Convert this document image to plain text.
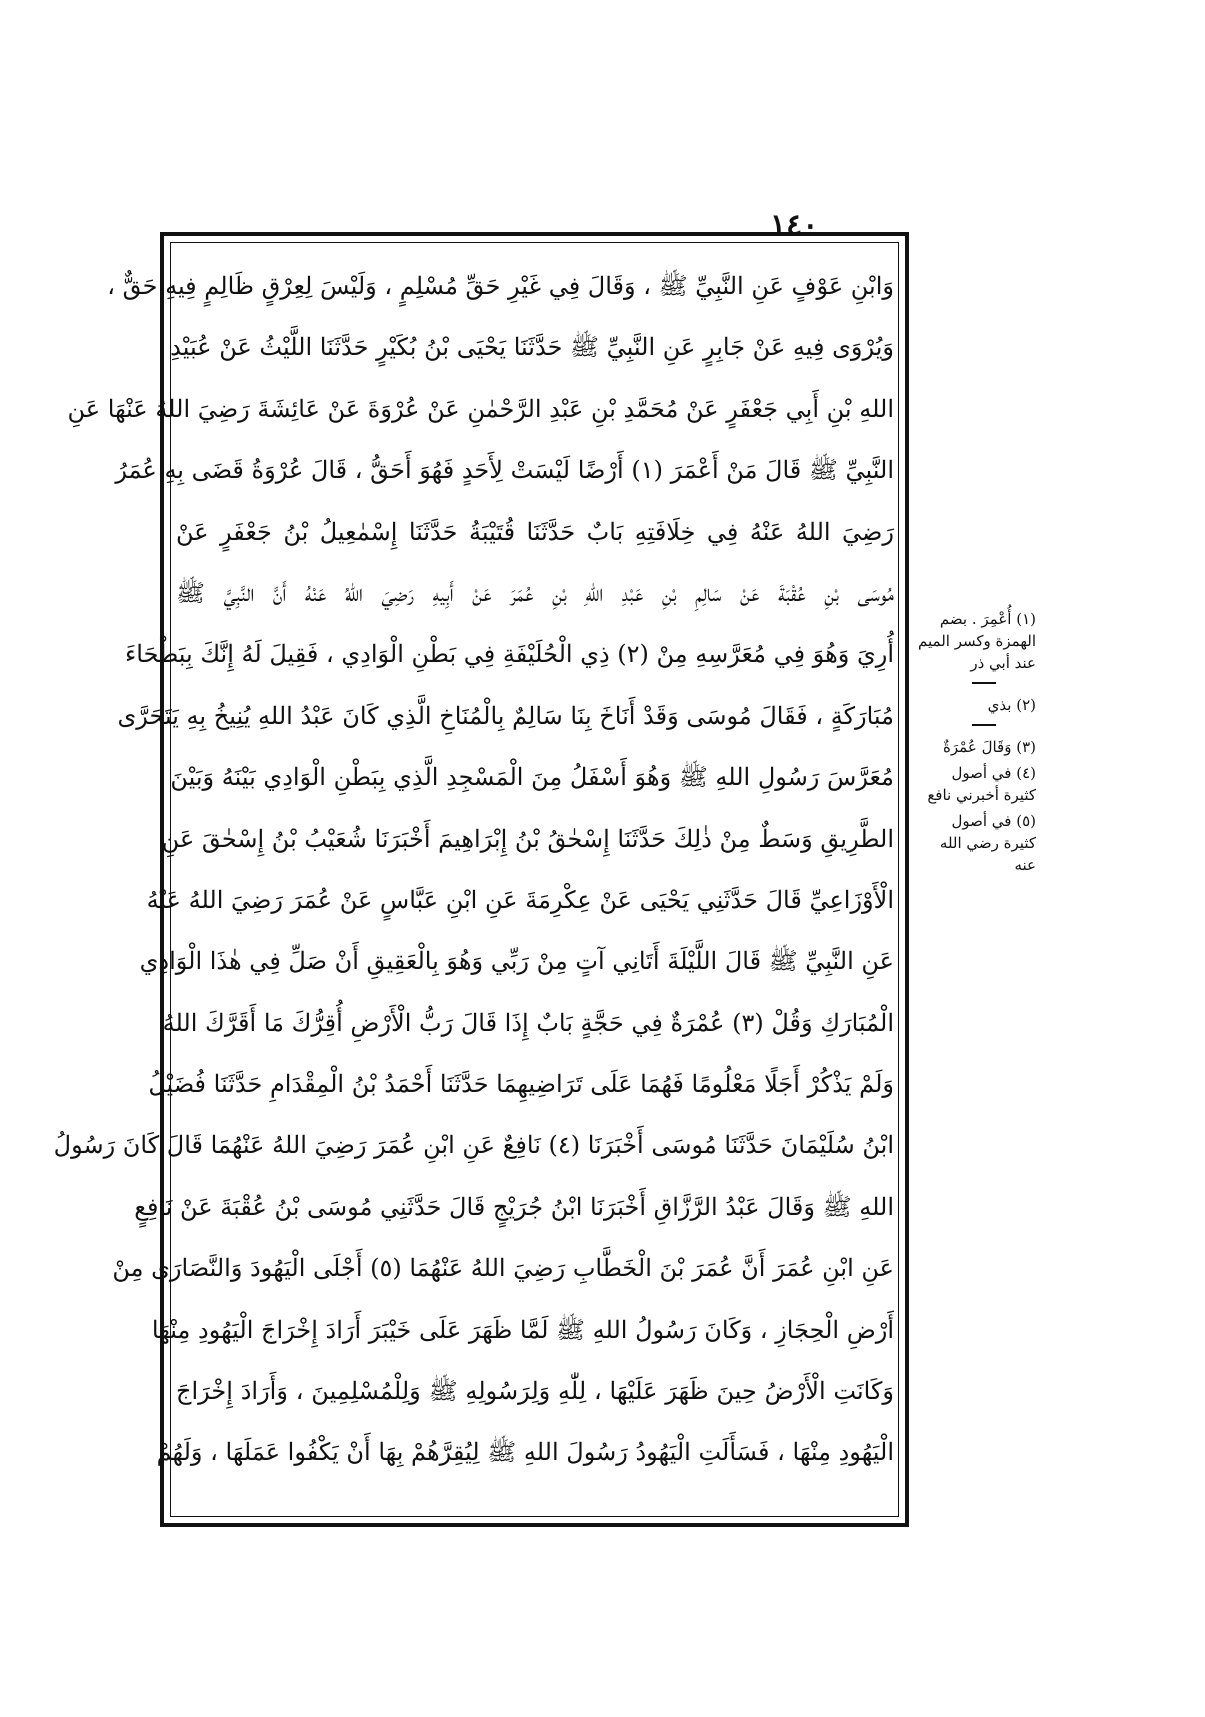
١٤٠
وَابْنِ عَوْفٍ عَنِ النَّبِيِّ ﷺ ، وَقَالَ فِي غَيْرِ حَقِّ مُسْلِمٍ ، وَلَيْسَ لِعِرْقٍ ظَالِمٍ فِيهِ حَقٌّ ،
وَيُرْوَى فِيهِ عَنْ جَابِرٍ عَنِ النَّبِيِّ ﷺ حَدَّثَنَا يَحْيَى بْنُ بُكَيْرٍ حَدَّثَنَا اللَّيْثُ عَنْ عُبَيْدِ
اللهِ بْنِ أَبِي جَعْفَرٍ عَنْ مُحَمَّدِ بْنِ عَبْدِ الرَّحْمٰنِ عَنْ عُرْوَةَ عَنْ عَائِشَةَ رَضِيَ اللهُ عَنْهَا عَنِ
النَّبِيِّ ﷺ قَالَ مَنْ أَعْمَرَ (١) أَرْضًا لَيْسَتْ لِأَحَدٍ فَهُوَ أَحَقُّ ، قَالَ عُرْوَةُ قَضَى بِهِ عُمَرُ
رَضِيَ اللهُ عَنْهُ فِي خِلَافَتِهِ بَابٌ حَدَّثَنَا قُتَيْبَةُ حَدَّثَنَا إِسْمٰعِيلُ بْنُ جَعْفَرٍ عَنْ
مُوسَى بْنِ عُقْبَةَ عَنْ سَالِمِ بْنِ عَبْدِ اللهِ بْنِ عُمَرَ عَنْ أَبِيهِ رَضِيَ اللهُ عَنْهُ أَنَّ النَّبِيَّ ﷺ
أُرِيَ وَهُوَ فِي مُعَرَّسِهِ مِنْ (٢) ذِي الْحُلَيْفَةِ فِي بَطْنِ الْوَادِي ، فَقِيلَ لَهُ إِنَّكَ بِبَطْحَاءَ
مُبَارَكَةٍ ، فَقَالَ مُوسَى وَقَدْ أَنَاخَ بِنَا سَالِمٌ بِالْمُنَاخِ الَّذِي كَانَ عَبْدُ اللهِ يُنِيخُ بِهِ يَتَحَرَّى
مُعَرَّسَ رَسُولِ اللهِ ﷺ وَهُوَ أَسْفَلُ مِنَ الْمَسْجِدِ الَّذِي بِبَطْنِ الْوَادِي بَيْنَهُ وَبَيْنَ
الطَّرِيقِ وَسَطٌ مِنْ ذٰلِكَ حَدَّثَنَا إِسْحٰقُ بْنُ إِبْرَاهِيمَ أَخْبَرَنَا شُعَيْبُ بْنُ إِسْحٰقَ عَنِ
الْأَوْزَاعِيِّ قَالَ حَدَّثَنِي يَحْيَى عَنْ عِكْرِمَةَ عَنِ ابْنِ عَبَّاسٍ عَنْ عُمَرَ رَضِيَ اللهُ عَنْهُ
عَنِ النَّبِيِّ ﷺ قَالَ اللَّيْلَةَ أَتَانِي آتٍ مِنْ رَبِّي وَهُوَ بِالْعَقِيقِ أَنْ صَلِّ فِي هٰذَا الْوَادِي
الْمُبَارَكِ وَقُلْ (٣) عُمْرَةٌ فِي حَجَّةٍ بَابٌ إِذَا قَالَ رَبُّ الْأَرْضِ أُقِرُّكَ مَا أَقَرَّكَ اللهُ
وَلَمْ يَذْكُرْ أَجَلًا مَعْلُومًا فَهُمَا عَلَى تَرَاضِيهِمَا حَدَّثَنَا أَحْمَدُ بْنُ الْمِقْدَامِ حَدَّثَنَا فُضَيْلُ
ابْنُ سُلَيْمَانَ حَدَّثَنَا مُوسَى أَخْبَرَنَا (٤) نَافِعٌ عَنِ ابْنِ عُمَرَ رَضِيَ اللهُ عَنْهُمَا قَالَ كَانَ رَسُولُ
اللهِ ﷺ وَقَالَ عَبْدُ الرَّزَّاقِ أَخْبَرَنَا ابْنُ جُرَيْجٍ قَالَ حَدَّثَنِي مُوسَى بْنُ عُقْبَةَ عَنْ نَافِعٍ
عَنِ ابْنِ عُمَرَ أَنَّ عُمَرَ بْنَ الْخَطَّابِ رَضِيَ اللهُ عَنْهُمَا (٥) أَجْلَى الْيَهُودَ وَالنَّصَارَى مِنْ
أَرْضِ الْحِجَازِ ، وَكَانَ رَسُولُ اللهِ ﷺ لَمَّا ظَهَرَ عَلَى خَيْبَرَ أَرَادَ إِخْرَاجَ الْيَهُودِ مِنْهَا
وَكَانَتِ الْأَرْضُ حِينَ ظَهَرَ عَلَيْهَا ، لِلّٰهِ وَلِرَسُولِهِ ﷺ وَلِلْمُسْلِمِينَ ، وَأَرَادَ إِخْرَاجَ
الْيَهُودِ مِنْهَا ، فَسَأَلَتِ الْيَهُودُ رَسُولَ اللهِ ﷺ لِيُقِرَّهُمْ بِهَا أَنْ يَكْفُوا عَمَلَهَا ، وَلَهُمْ
(١) أُعْمِرَ . بضم الهمزة وكسر الميم عند أبي ذر
(٢) بذي
(٣) وَقَالَ عُمْرَةٌ
(٤) في أصول كثيرة أخبرني نافع
(٥) في أصول كثيرة رضي الله عنه
